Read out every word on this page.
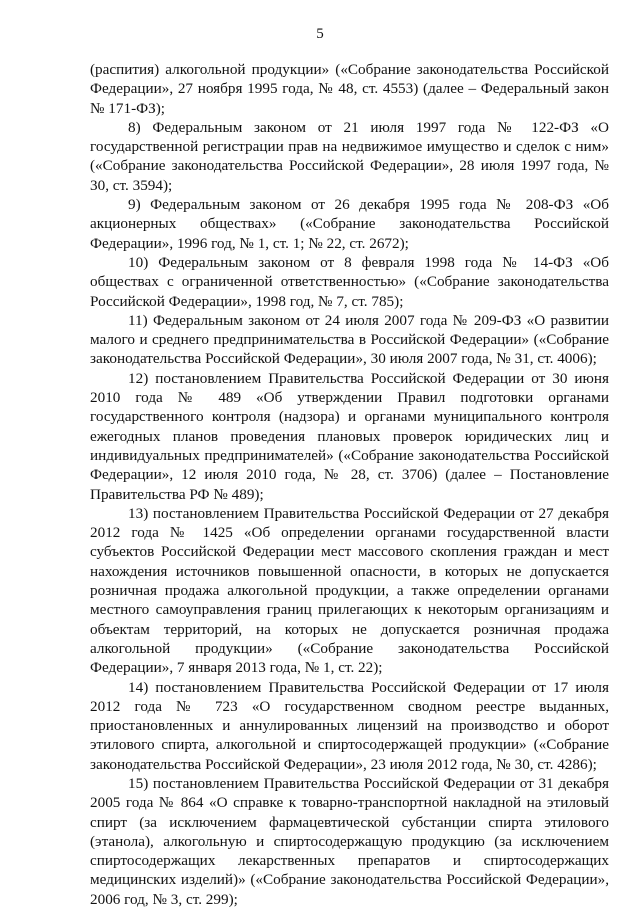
5

(распития) алкогольной продукции» («Собрание законодательства Российской Федерации», 27 ноября 1995 года, № 48, ст. 4553) (далее – Федеральный закон № 171-ФЗ);

8) Федеральным законом от 21 июля 1997 года № 122-ФЗ «О государственной регистрации прав на недвижимое имущество и сделок с ним» («Собрание законодательства Российской Федерации», 28 июля 1997 года, № 30, ст. 3594);

9) Федеральным законом от 26 декабря 1995 года № 208-ФЗ «Об акционерных обществах» («Собрание законодательства Российской Федерации», 1996 год, № 1, ст. 1; № 22, ст. 2672);

10) Федеральным законом от 8 февраля 1998 года № 14-ФЗ «Об обществах с ограниченной ответственностью» («Собрание законодательства Российской Федерации», 1998 год, № 7, ст. 785);

11) Федеральным законом от 24 июля 2007 года № 209-ФЗ «О развитии малого и среднего предпринимательства в Российской Федерации» («Собрание законодательства Российской Федерации», 30 июля 2007 года, № 31, ст. 4006);

12) постановлением Правительства Российской Федерации от 30 июня 2010 года № 489 «Об утверждении Правил подготовки органами государственного контроля (надзора) и органами муниципального контроля ежегодных планов проведения плановых проверок юридических лиц и индивидуальных предпринимателей» («Собрание законодательства Российской Федерации», 12 июля 2010 года, № 28, ст. 3706) (далее – Постановление Правительства РФ № 489);

13) постановлением Правительства Российской Федерации от 27 декабря 2012 года № 1425 «Об определении органами государственной власти субъектов Российской Федерации мест массового скопления граждан и мест нахождения источников повышенной опасности, в которых не допускается розничная продажа алкогольной продукции, а также определении органами местного самоуправления границ прилегающих к некоторым организациям и объектам территорий, на которых не допускается розничная продажа алкогольной продукции» («Собрание законодательства Российской Федерации», 7 января 2013 года, № 1, ст. 22);

14) постановлением Правительства Российской Федерации от 17 июля 2012 года № 723 «О государственном сводном реестре выданных, приостановленных и аннулированных лицензий на производство и оборот этилового спирта, алкогольной и спиртосодержащей продукции» («Собрание законодательства Российской Федерации», 23 июля 2012 года, № 30, ст. 4286);

15) постановлением Правительства Российской Федерации от 31 декабря 2005 года № 864 «О справке к товарно-транспортной накладной на этиловый спирт (за исключением фармацевтической субстанции спирта этилового (этанола), алкогольную и спиртосодержащую продукцию (за исключением спиртосодержащих лекарственных препаратов и спиртосодержащих медицинских изделий)» («Собрание законодательства Российской Федерации», 2006 год, № 3, ст. 299);
